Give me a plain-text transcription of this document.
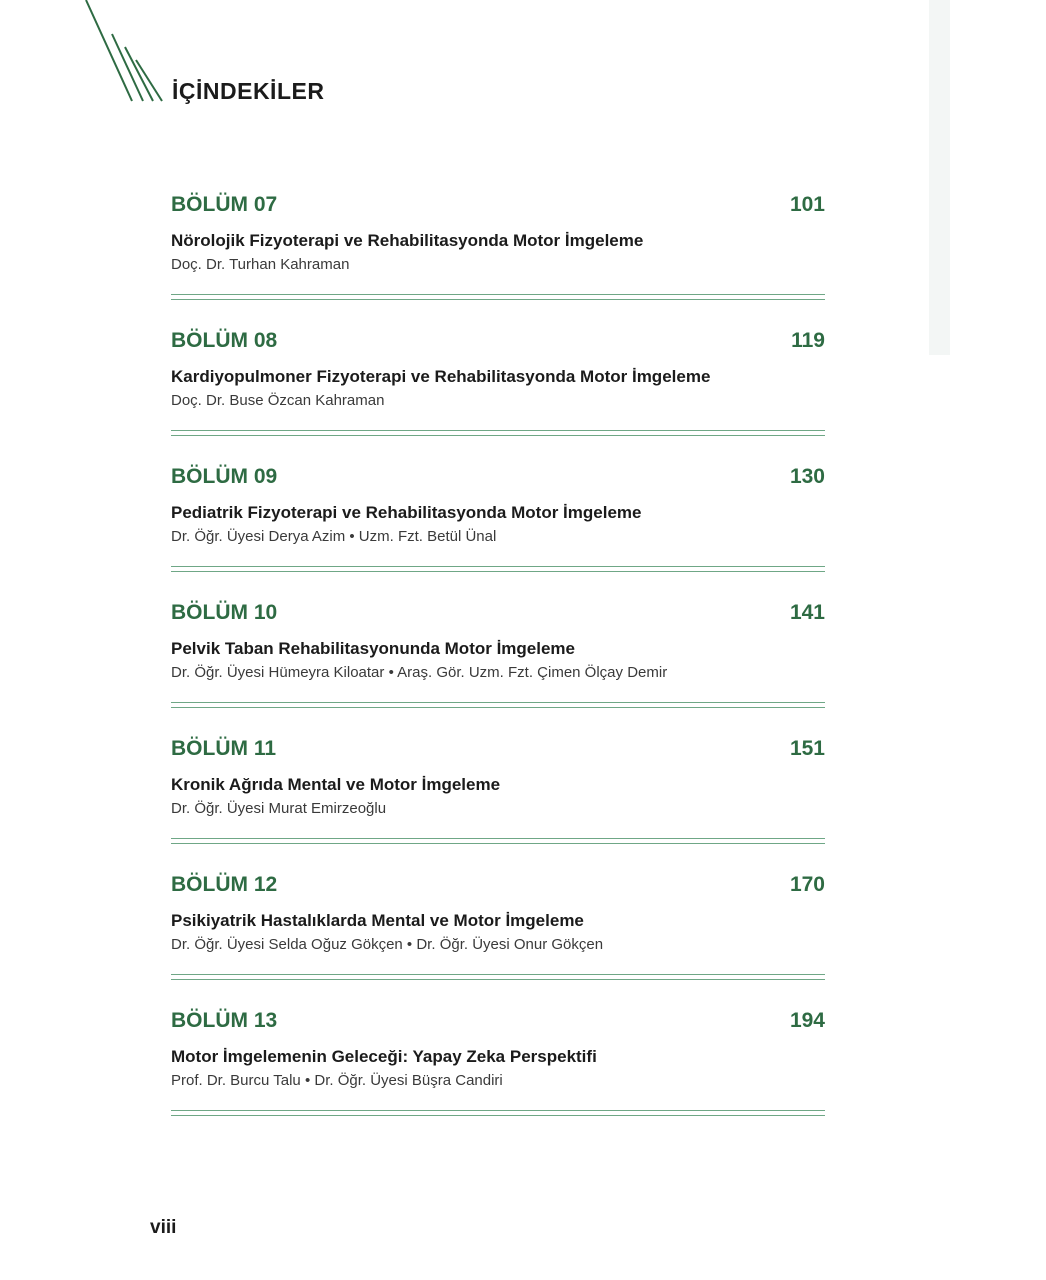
İÇİNDEKİLER
BÖLÜM 07	101
Nörolojik Fizyoterapi ve Rehabilitasyonda Motor İmgeleme
Doç. Dr. Turhan Kahraman
BÖLÜM 08	119
Kardiyopulmoner Fizyoterapi ve Rehabilitasyonda Motor İmgeleme
Doç. Dr. Buse Özcan Kahraman
BÖLÜM 09	130
Pediatrik Fizyoterapi ve Rehabilitasyonda Motor İmgeleme
Dr. Öğr. Üyesi Derya Azim • Uzm. Fzt. Betül Ünal
BÖLÜM 10	141
Pelvik Taban Rehabilitasyonunda Motor İmgeleme
Dr. Öğr. Üyesi Hümeyra Kiloatar • Araş. Gör. Uzm. Fzt. Çimen Ölçay Demir
BÖLÜM 11	151
Kronik Ağrıda Mental ve Motor İmgeleme
Dr. Öğr. Üyesi Murat Emirzeoğlu
BÖLÜM 12	170
Psikiyatrik Hastalıklarda Mental ve Motor İmgeleme
Dr. Öğr. Üyesi Selda Oğuz Gökçen • Dr. Öğr. Üyesi Onur Gökçen
BÖLÜM 13	194
Motor İmgelemenin Geleceği: Yapay Zeka Perspektifi
Prof. Dr. Burcu Talu • Dr. Öğr. Üyesi Büşra Candiri
viii
